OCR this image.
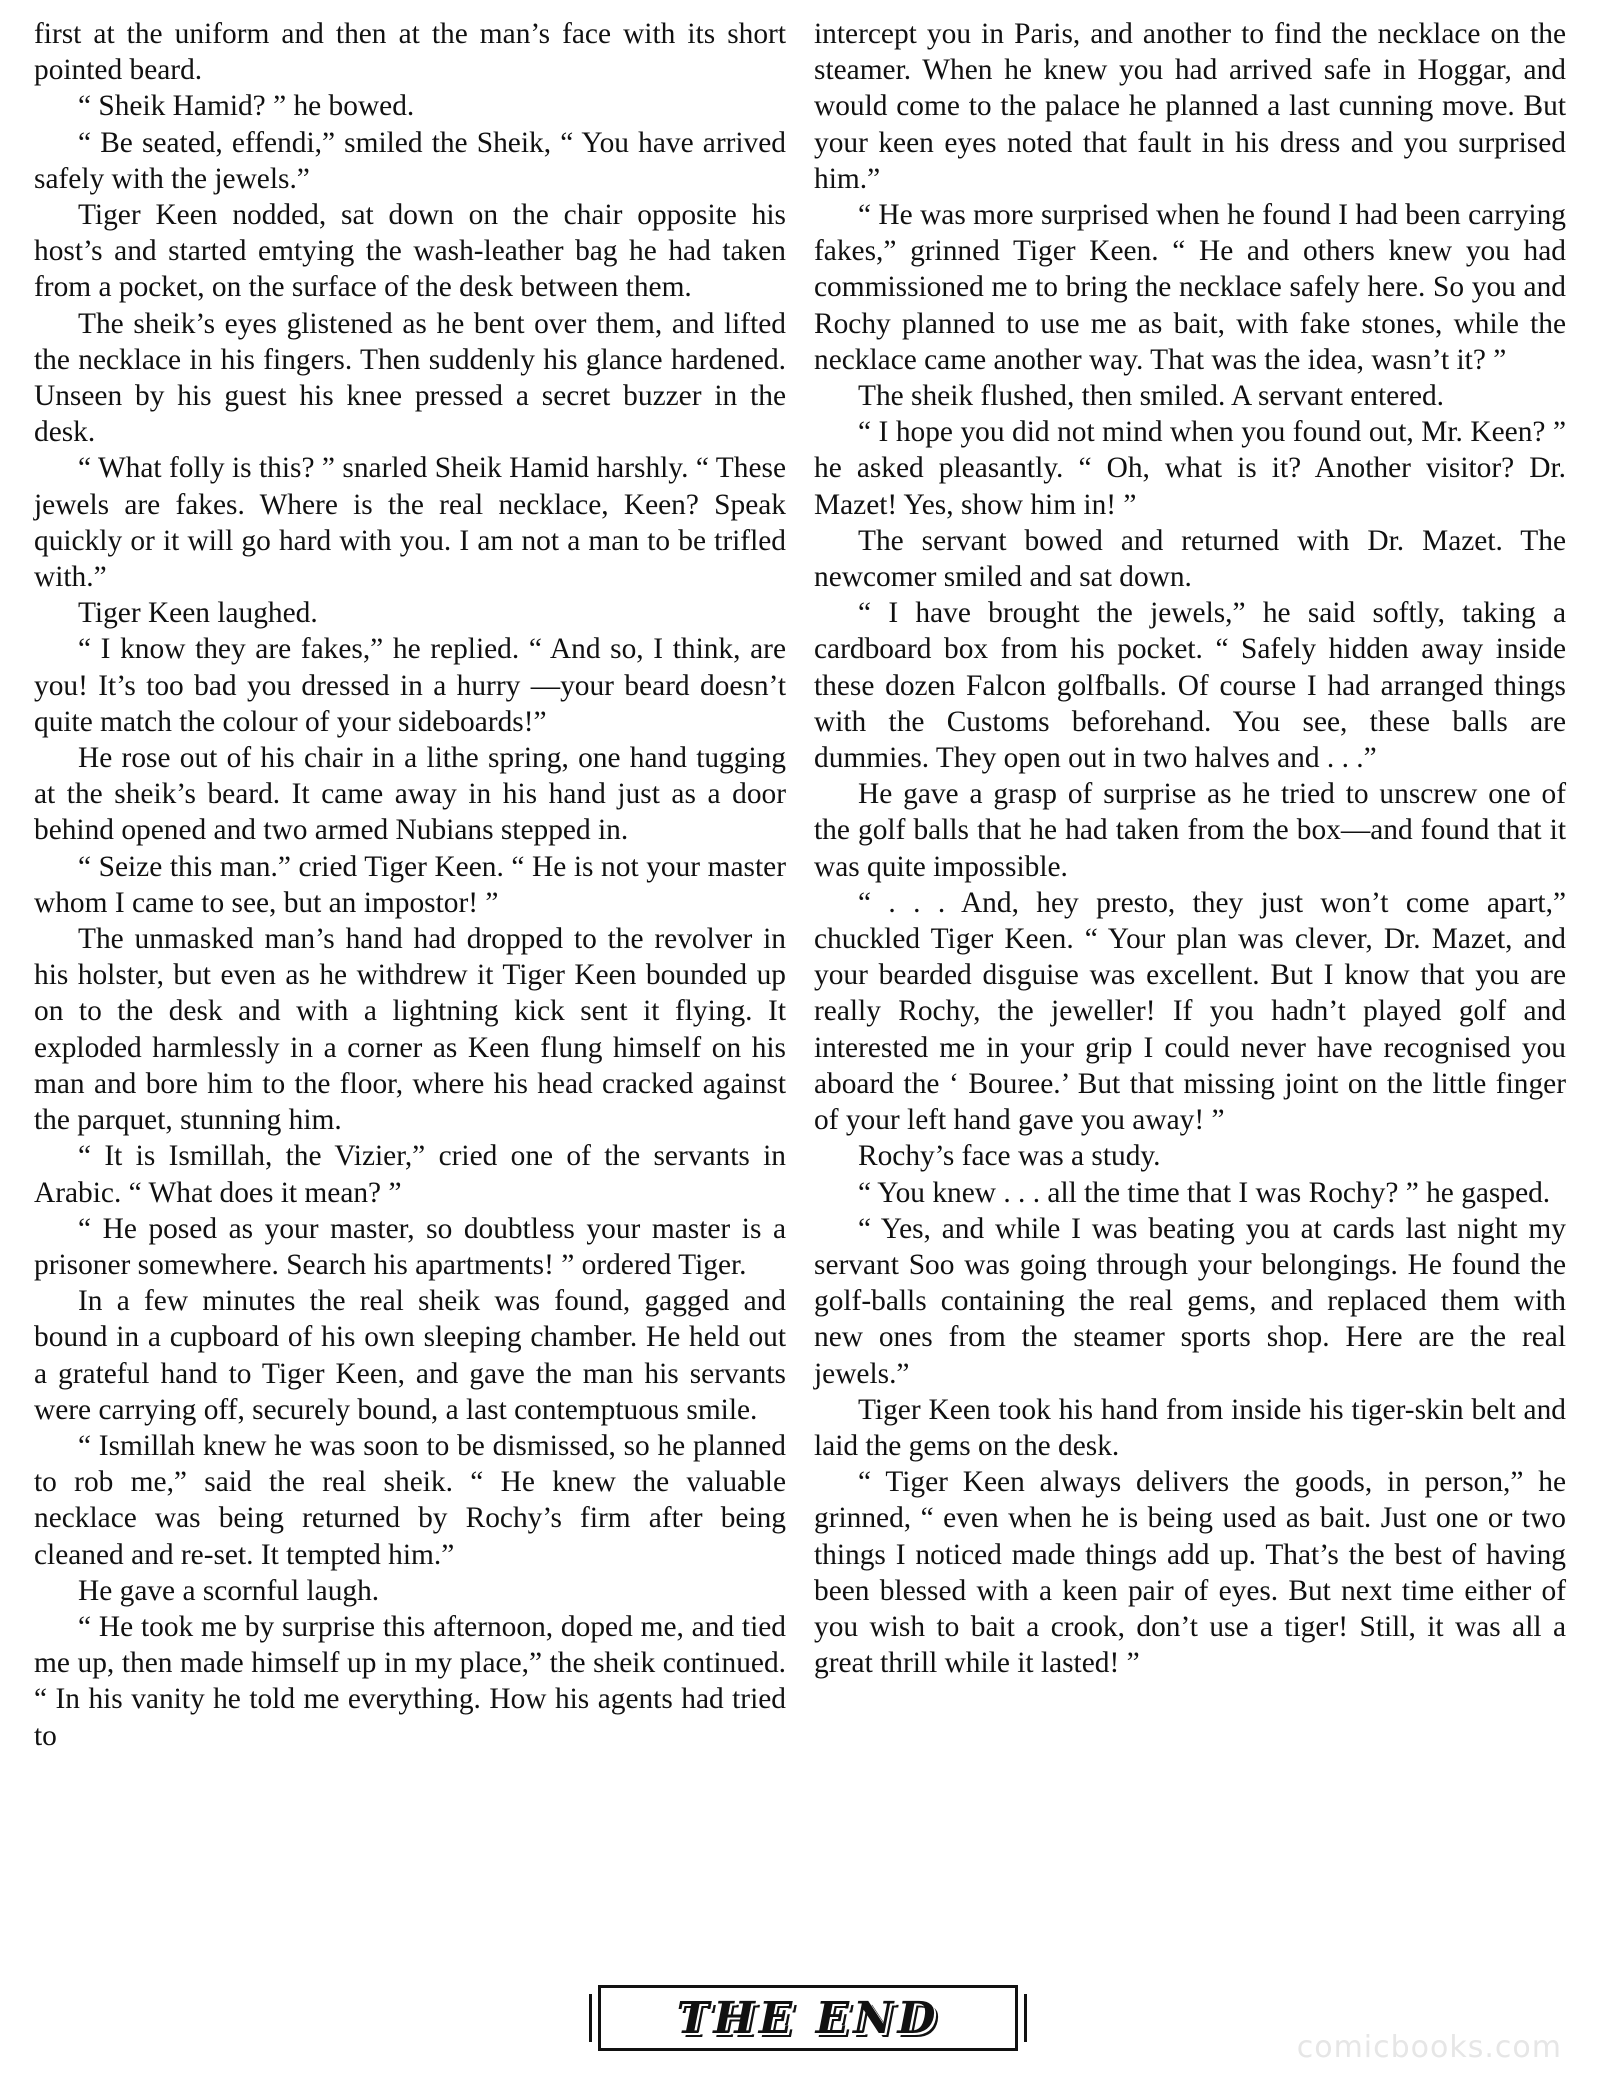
first at the uniform and then at the man’s face with its short pointed beard.

“ Sheik Hamid? ” he bowed.

“ Be seated, effendi,” smiled the Sheik, “ You have arrived safely with the jewels.”

Tiger Keen nodded, sat down on the chair opposite his host’s and started emtying the wash-leather bag he had taken from a pocket, on the surface of the desk between them.

The sheik’s eyes glistened as he bent over them, and lifted the necklace in his fingers. Then suddenly his glance hardened. Unseen by his guest his knee pressed a secret buzzer in the desk.

“ What folly is this? ” snarled Sheik Hamid harshly. “ These jewels are fakes. Where is the real necklace, Keen? Speak quickly or it will go hard with you. I am not a man to be trifled with.”

Tiger Keen laughed.

“ I know they are fakes,” he replied. “ And so, I think, are you! It’s too bad you dressed in a hurry —your beard doesn’t quite match the colour of your sideboards!”

He rose out of his chair in a lithe spring, one hand tugging at the sheik’s beard. It came away in his hand just as a door behind opened and two armed Nubians stepped in.

“ Seize this man.” cried Tiger Keen. “ He is not your master whom I came to see, but an impostor! ”

The unmasked man’s hand had dropped to the revolver in his holster, but even as he withdrew it Tiger Keen bounded up on to the desk and with a lightning kick sent it flying. It exploded harmlessly in a corner as Keen flung himself on his man and bore him to the floor, where his head cracked against the parquet, stunning him.

“ It is Ismillah, the Vizier,” cried one of the servants in Arabic. “ What does it mean? ”

“ He posed as your master, so doubtless your master is a prisoner somewhere. Search his apartments! ” ordered Tiger.

In a few minutes the real sheik was found, gagged and bound in a cupboard of his own sleeping chamber. He held out a grateful hand to Tiger Keen, and gave the man his servants were carrying off, securely bound, a last contemptuous smile.

“ Ismillah knew he was soon to be dismissed, so he planned to rob me,” said the real sheik. “ He knew the valuable necklace was being returned by Rochy’s firm after being cleaned and re-set. It tempted him.”

He gave a scornful laugh.

“ He took me by surprise this afternoon, doped me, and tied me up, then made himself up in my place,” the sheik continued. “ In his vanity he told me everything. How his agents had tried to

intercept you in Paris, and another to find the necklace on the steamer. When he knew you had arrived safe in Hoggar, and would come to the palace he planned a last cunning move. But your keen eyes noted that fault in his dress and you surprised him.”

“ He was more surprised when he found I had been carrying fakes,” grinned Tiger Keen. “ He and others knew you had commissioned me to bring the necklace safely here. So you and Rochy planned to use me as bait, with fake stones, while the necklace came another way. That was the idea, wasn’t it? ”

The sheik flushed, then smiled. A servant entered.

“ I hope you did not mind when you found out, Mr. Keen? ” he asked pleasantly. “ Oh, what is it? Another visitor? Dr. Mazet! Yes, show him in! ”

The servant bowed and returned with Dr. Mazet. The newcomer smiled and sat down.

“ I have brought the jewels,” he said softly, taking a cardboard box from his pocket. “ Safely hidden away inside these dozen Falcon golfballs. Of course I had arranged things with the Customs beforehand. You see, these balls are dummies. They open out in two halves and . . .”

He gave a grasp of surprise as he tried to unscrew one of the golf balls that he had taken from the box—and found that it was quite impossible.

“ . . . And, hey presto, they just won’t come apart,” chuckled Tiger Keen. “ Your plan was clever, Dr. Mazet, and your bearded disguise was excellent. But I know that you are really Rochy, the jeweller! If you hadn’t played golf and interested me in your grip I could never have recognised you aboard the ‘ Bouree.’ But that missing joint on the little finger of your left hand gave you away! ”

Rochy’s face was a study.

“ You knew . . . all the time that I was Rochy? ” he gasped.

“ Yes, and while I was beating you at cards last night my servant Soo was going through your belongings. He found the golf-balls containing the real gems, and replaced them with new ones from the steamer sports shop. Here are the real jewels.”

Tiger Keen took his hand from inside his tiger-skin belt and laid the gems on the desk.

“ Tiger Keen always delivers the goods, in person,” he grinned, “ even when he is being used as bait. Just one or two things I noticed made things add up. That’s the best of having been blessed with a keen pair of eyes. But next time either of you wish to bait a crook, don’t use a tiger! Still, it was all a great thrill while it lasted! ”

THE END
comicbooks.com
